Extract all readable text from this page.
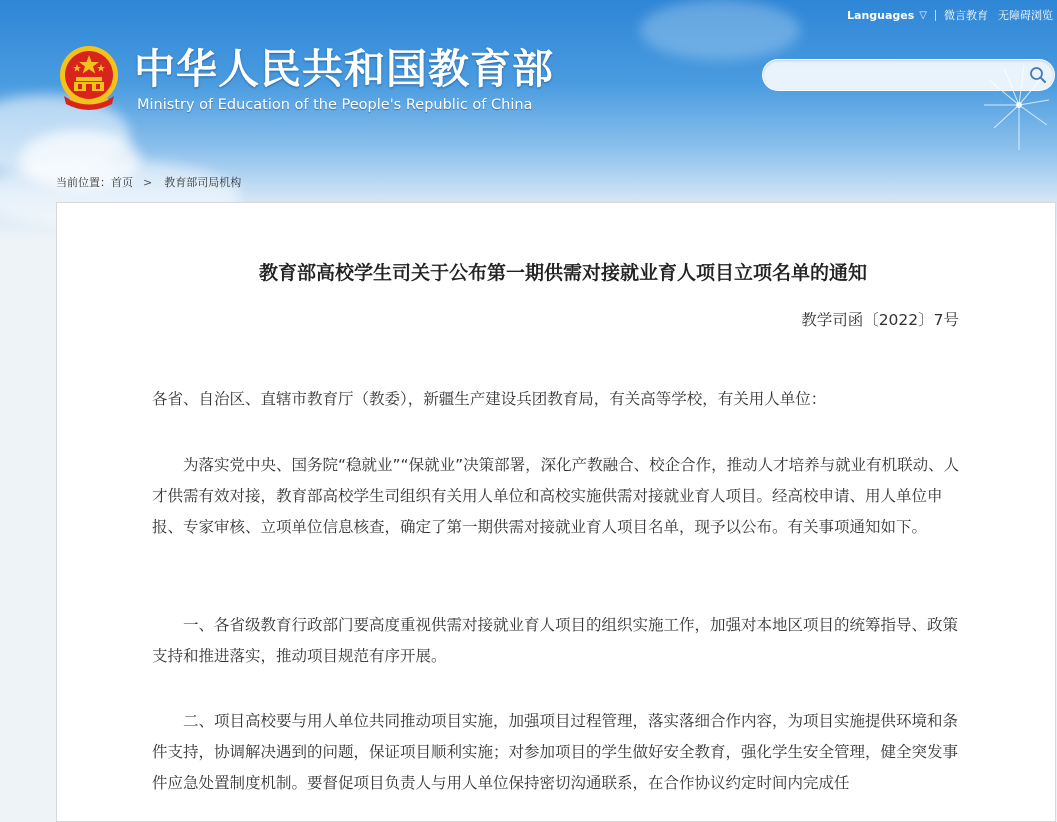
Languages ▽ 微言教育 无障碍浏览
中华人民共和国教育部
Ministry of Education of the People's Republic of China
当前位置： 首页 > 教育部司局机构
教育部高校学生司关于公布第一期供需对接就业育人项目立项名单的通知
教学司函〔2022〕7号

各省、自治区、直辖市教育厅（教委），新疆生产建设兵团教育局，有关高等学校，有关用人单位：

为落实党中央、国务院“稳就业”“保就业”决策部署，深化产教融合、校企合作，推动人才培养与就业有机联动、人才供需有效对接，教育部高校学生司组织有关用人单位和高校实施供需对接就业育人项目。经高校申请、用人单位申报、专家审核、立项单位信息核查，确定了第一期供需对接就业育人项目名单，现予以公布。有关事项通知如下。

一、各省级教育行政部门要高度重视供需对接就业育人项目的组织实施工作，加强对本地区项目的统筹指导、政策支持和推进落实，推动项目规范有序开展。

二、项目高校要与用人单位共同推动项目实施，加强项目过程管理，落实落细合作内容，为项目实施提供环境和条件支持，协调解决遇到的问题，保证项目顺利实施；对参加项目的学生做好安全教育，强化学生安全管理，健全突发事件应急处置制度机制。要督促项目负责人与用人单位保持密切沟通联系，在合作协议约定时间内完成任
